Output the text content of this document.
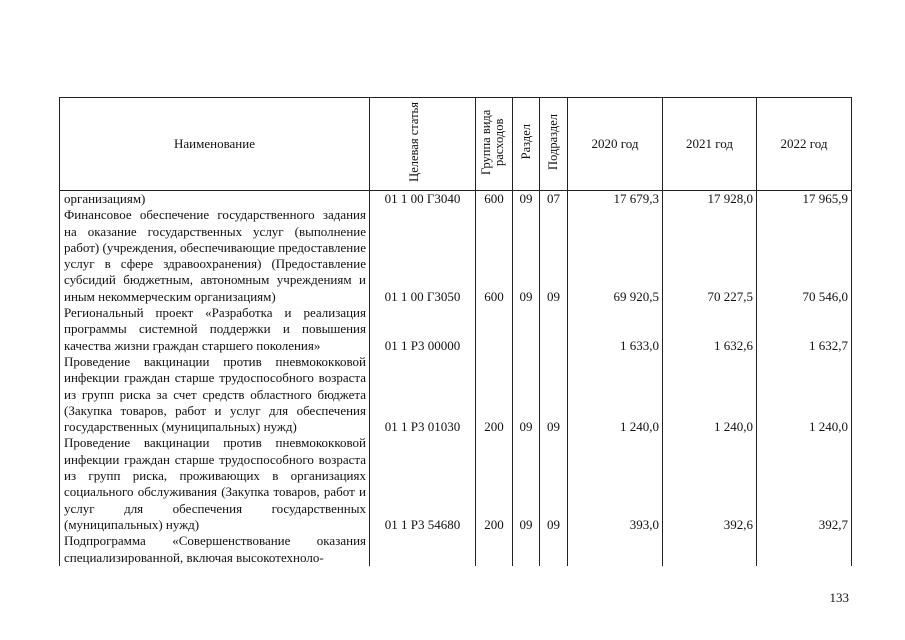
Наименование	Целевая статья	Группа вида расходов	Раздел	Подраздел	2020 год	2021 год	2022 год
организациям)	01 1 00 Г3040	600	09	07	17 679,3	17 928,0	17 965,9
Финансовое обеспечение государственного задания на оказание государственных услуг (выполнение работ) (учреждения, обеспечивающие предоставление услуг в сфере здравоохранения) (Предоставление субсидий бюджетным, автономным учреждениям и иным некоммерческим организациям)	01 1 00 Г3050	600	09	09	69 920,5	70 227,5	70 546,0
Региональный проект «Разработка и реализация программы системной поддержки и повышения качества жизни граждан старшего поколения»	01 1 P3 00000				1 633,0	1 632,6	1 632,7
Проведение вакцинации против пневмококковой инфекции граждан старше трудоспособного возраста из групп риска за счет средств областного бюджета (Закупка товаров, работ и услуг для обеспечения государственных (муниципальных) нужд)	01 1 P3 01030	200	09	09	1 240,0	1 240,0	1 240,0
Проведение вакцинации против пневмококковой инфекции граждан старше трудоспособного возраста из групп риска, проживающих в организациях социального обслуживания (Закупка товаров, работ и услуг для обеспечения государственных (муниципальных) нужд)	01 1 P3 54680	200	09	09	393,0	392,6	392,7
Подпрограмма «Совершенствование оказания специализированной, включая высокотехноло-							
133
